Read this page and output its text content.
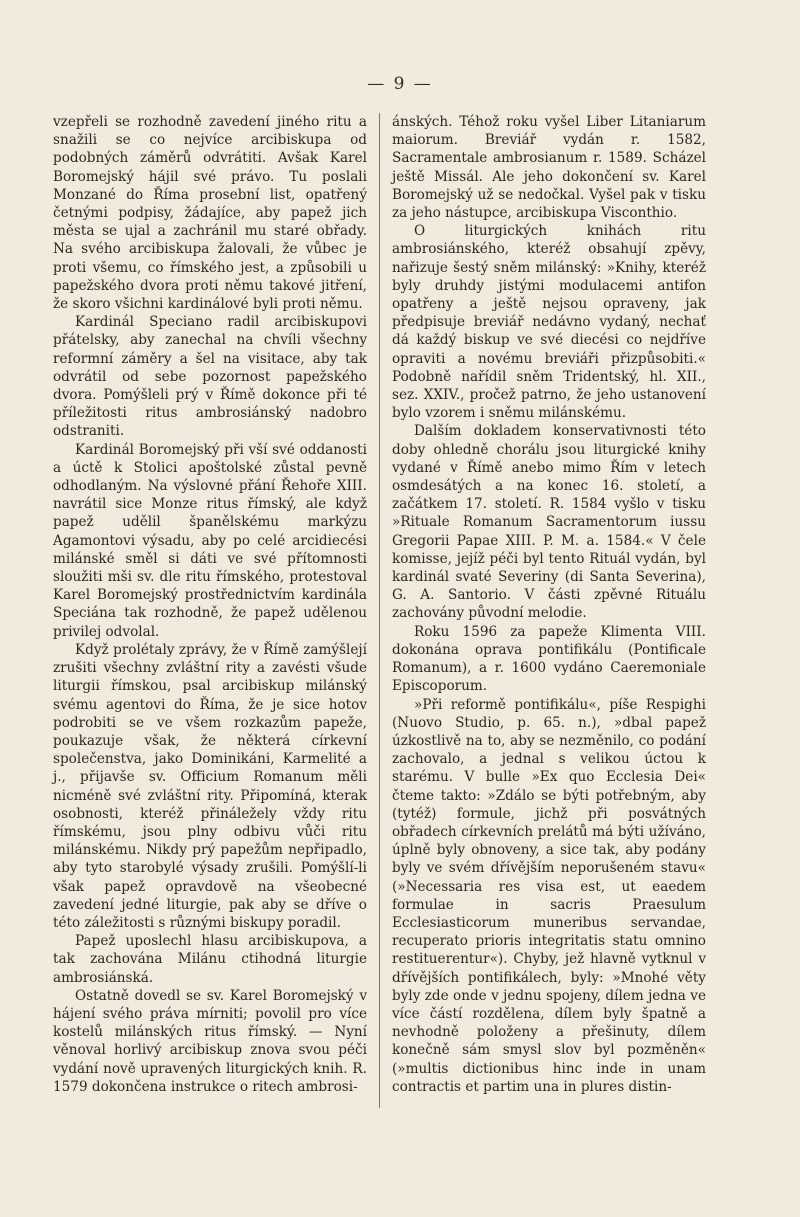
— 9 —

vzepřeli se rozhodně zavedení jiného ritu a snažili se co nejvíce arcibiskupa od podobných záměrů odvrátiti. Avšak Karel Boromejský hájil své právo. Tu poslali Monzané do Říma prosební list, opatřený četnými podpisy, žádajíce, aby papež jich města se ujal a zachránil mu staré obřady. Na svého arcibiskupa žalovali, že vůbec je proti všemu, co římského jest, a způsobili u papežského dvora proti němu takové jitření, že skoro všichni kardinálové byli proti němu.

Kardinál Speciano radil arcibiskupovi přátelsky, aby zanechal na chvíli všechny reformní záměry a šel na visitace, aby tak odvrátil od sebe pozornost papežského dvora. Pomýšleli prý v Římě dokonce při té příležitosti ritus ambrosiánský nadobro odstraniti.

Kardinál Boromejský při vší své oddanosti a úctě k Stolici apoštolské zůstal pevně odhodlaným. Na výslovné přání Řehoře XIII. navrátil sice Monze ritus římský, ale když papež udělil španělskému markýzu Agamontovi výsadu, aby po celé arcidiecési milánské směl si dáti ve své přítomnosti sloužiti mši sv. dle ritu římského, protestoval Karel Boromejský prostřednictvím kardinála Speciána tak rozhodně, že papež udělenou privilej odvolal.

Když prolétaly zprávy, že v Římě zamýšlejí zrušiti všechny zvláštní rity a zavésti všude liturgii římskou, psal arcibiskup milánský svému agentovi do Říma, že je sice hotov podrobiti se ve všem rozkazům papeže, poukazuje však, že některá církevní společenstva, jako Dominikáni, Karmelité a j., přijavše sv. Officium Romanum měli nicméně své zvláštní rity. Připomíná, kterak osobnosti, kteréž přináležely vždy ritu římskému, jsou plny odbivu vůči ritu milánskému. Nikdy prý papežům nepřipadlo, aby tyto starobylé výsady zrušili. Pomýšlí-li však papež opravdově na všeobecné zavedení jedné liturgie, pak aby se dříve o této záležitosti s různými biskupy poradil.

Papež uposlechl hlasu arcibiskupova, a tak zachována Milánu ctihodná liturgie ambrosiánská.

Ostatně dovedl se sv. Karel Boromejský v hájení svého práva mírniti; povolil pro více kostelů milánských ritus římský. — Nyní věnoval horlivý arcibiskup znova svou péči vydání nově upravených liturgických knih. R. 1579 dokončena instrukce o ritech ambrosi-

ánských. Téhož roku vyšel Liber Litaniarum maiorum. Breviář vydán r. 1582, Sacramentale ambrosianum r. 1589. Scházel ještě Missál. Ale jeho dokončení sv. Karel Boromejský už se nedočkal. Vyšel pak v tisku za jeho nástupce, arcibiskupa Visconthio.

O liturgických knihách ritu ambrosiánského, kteréž obsahují zpěvy, nařizuje šestý sněm milánský: »Knihy, kteréž byly druhdy jistými modulacemi antifon opatřeny a ještě nejsou opraveny, jak předpisuje breviář nedávno vydaný, nechať dá každý biskup ve své diecési co nejdříve opraviti a novému breviáři přizpůsobiti.« Podobně nařídil sněm Tridentský, hl. XII., sez. XXIV., pročež patrno, že jeho ustanovení bylo vzorem i sněmu milánskému.

Dalším dokladem konservativnosti této doby ohledně chorálu jsou liturgické knihy vydané v Římě anebo mimo Řím v letech osmdesátých a na konec 16. století, a začátkem 17. století. R. 1584 vyšlo v tisku »Rituale Romanum Sacramentorum iussu Gregorii Papae XIII. P. M. a. 1584.« V čele komisse, jejíž péči byl tento Rituál vydán, byl kardinál svaté Severiny (di Santa Severina), G. A. Santorio. V části zpěvné Rituálu zachovány původní melodie.

Roku 1596 za papeže Klimenta VIII. dokonána oprava pontifikálu (Pontificale Romanum), a r. 1600 vydáno Caeremoniale Episcoporum.

»Při reformě pontifikálu«, píše Respighi (Nuovo Studio, p. 65. n.), »dbal papež úzkostlivě na to, aby se nezměnilo, co podání zachovalo, a jednal s velikou úctou k starému. V bulle »Ex quo Ecclesia Dei« čteme takto: »Zdálo se býti potřebným, aby (tytéž) formule, jichž při posvátných obřadech církevních prelátů má býti užíváno, úplně byly obnoveny, a sice tak, aby podány byly ve svém dřívějším neporušeném stavu« (»Necessaria res visa est, ut eaedem formulae in sacris Praesulum Ecclesiasticorum muneribus servandae, recuperato prioris integritatis statu omnino restituerentur«). Chyby, jež hlavně vytknul v dřívějších pontifikálech, byly: »Mnohé věty byly zde onde v jednu spojeny, dílem jedna ve více částí rozdělena, dílem byly špatně a nevhodně položeny a přešinuty, dílem konečně sám smysl slov byl pozměněn« (»multis dictionibus hinc inde in unam contractis et partim una in plures distin-
